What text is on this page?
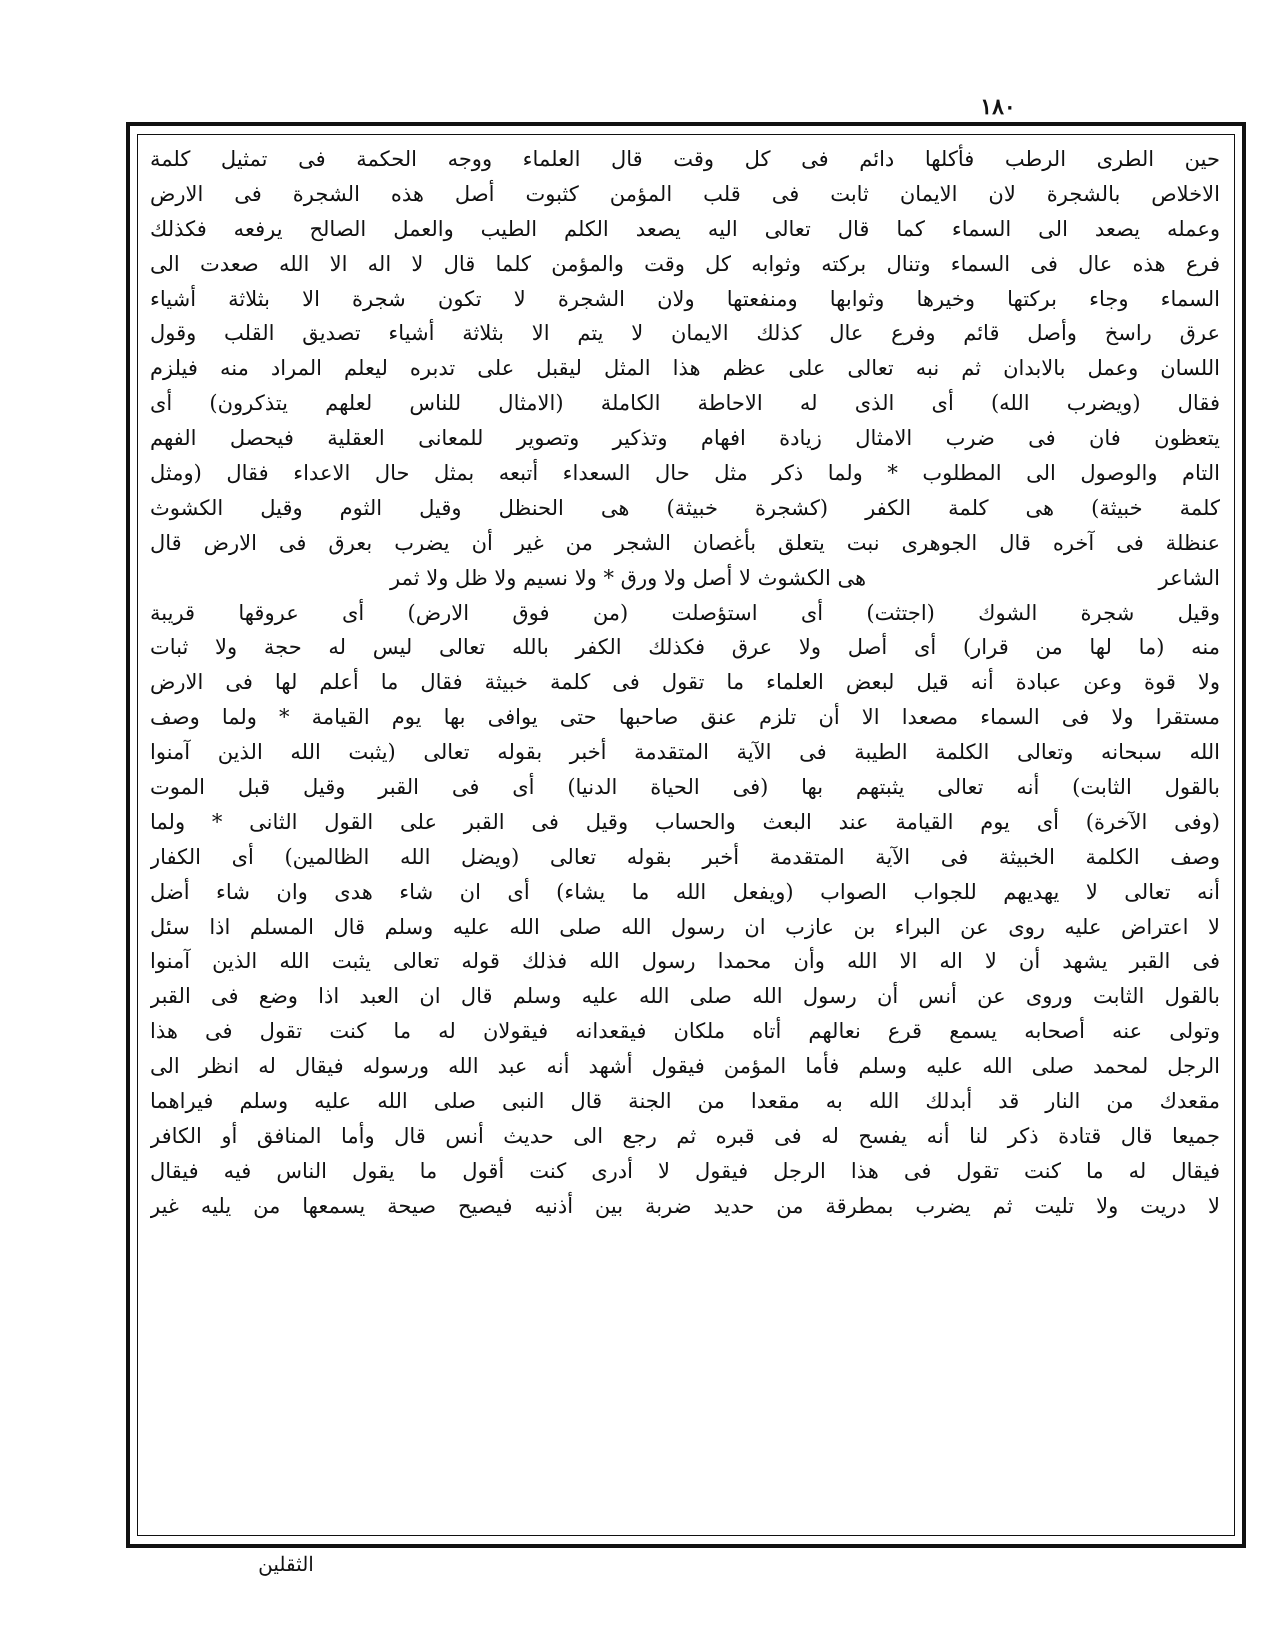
١٨٠
حين الطرى الرطب فأكلها دائم فى كل وقت قال العلماء ووجه الحكمة فى تمثيل كلمة
الاخلاص بالشجرة لان الايمان ثابت فى قلب المؤمن كثبوت أصل هذه الشجرة فى الارض
وعمله يصعد الى السماء كما قال تعالى اليه يصعد الكلم الطيب والعمل الصالح يرفعه فكذلك
فرع هذه عال فى السماء وتنال بركته وثوابه كل وقت والمؤمن كلما قال لا اله الا الله صعدت الى
السماء وجاء بركتها وخيرها وثوابها ومنفعتها ولان الشجرة لا تكون شجرة الا بثلاثة أشياء
عرق راسخ وأصل قائم وفرع عال كذلك الايمان لا يتم الا بثلاثة أشياء تصديق القلب وقول
اللسان وعمل بالابدان ثم نبه تعالى على عظم هذا المثل ليقبل على تدبره ليعلم المراد منه فيلزم
فقال (ويضرب الله) أى الذى له الاحاطة الكاملة (الامثال للناس لعلهم يتذكرون) أى
يتعظون فان فى ضرب الامثال زيادة افهام وتذكير وتصوير للمعانى العقلية فيحصل الفهم
التام والوصول الى المطلوب * ولما ذكر مثل حال السعداء أتبعه بمثل حال الاعداء فقال (ومثل
كلمة خبيثة) هى كلمة الكفر (كشجرة خبيثة) هى الحنظل وقيل الثوم وقيل الكشوث
عنظلة فى آخره قال الجوهرى نبت يتعلق بأغصان الشجر من غير أن يضرب بعرق فى الارض قال
الشاعر
هى الكشوث لا أصل ولا ورق * ولا نسيم ولا ظل ولا ثمر
وقيل شجرة الشوك (اجتثت) أى استؤصلت (من فوق الارض) أى عروقها قريبة
منه (ما لها من قرار) أى أصل ولا عرق فكذلك الكفر بالله تعالى ليس له حجة ولا ثبات
ولا قوة وعن عبادة أنه قيل لبعض العلماء ما تقول فى كلمة خبيثة فقال ما أعلم لها فى الارض
مستقرا ولا فى السماء مصعدا الا أن تلزم عنق صاحبها حتى يوافى بها يوم القيامة * ولما وصف
الله سبحانه وتعالى الكلمة الطيبة فى الآية المتقدمة أخبر بقوله تعالى (يثبت الله الذين آمنوا
بالقول الثابت) أنه تعالى يثبتهم بها (فى الحياة الدنيا) أى فى القبر وقيل قبل الموت
(وفى الآخرة) أى يوم القيامة عند البعث والحساب وقيل فى القبر على القول الثانى * ولما
وصف الكلمة الخبيثة فى الآية المتقدمة أخبر بقوله تعالى (ويضل الله الظالمين) أى الكفار
أنه تعالى لا يهديهم للجواب الصواب (ويفعل الله ما يشاء) أى ان شاء هدى وان شاء أضل
لا اعتراض عليه روى عن البراء بن عازب ان رسول الله صلى الله عليه وسلم قال المسلم اذا سئل
فى القبر يشهد أن لا اله الا الله وأن محمدا رسول الله فذلك قوله تعالى يثبت الله الذين آمنوا
بالقول الثابت وروى عن أنس أن رسول الله صلى الله عليه وسلم قال ان العبد اذا وضع فى القبر
وتولى عنه أصحابه يسمع قرع نعالهم أتاه ملكان فيقعدانه فيقولان له ما كنت تقول فى هذا
الرجل لمحمد صلى الله عليه وسلم فأما المؤمن فيقول أشهد أنه عبد الله ورسوله فيقال له انظر الى
مقعدك من النار قد أبدلك الله به مقعدا من الجنة قال النبى صلى الله عليه وسلم فيراهما
جميعا قال قتادة ذكر لنا أنه يفسح له فى قبره ثم رجع الى حديث أنس قال وأما المنافق أو الكافر
فيقال له ما كنت تقول فى هذا الرجل فيقول لا أدرى كنت أقول ما يقول الناس فيه فيقال
لا دريت ولا تليت ثم يضرب بمطرقة من حديد ضربة بين أذنيه فيصيح صيحة يسمعها من يليه غير
الثقلين
